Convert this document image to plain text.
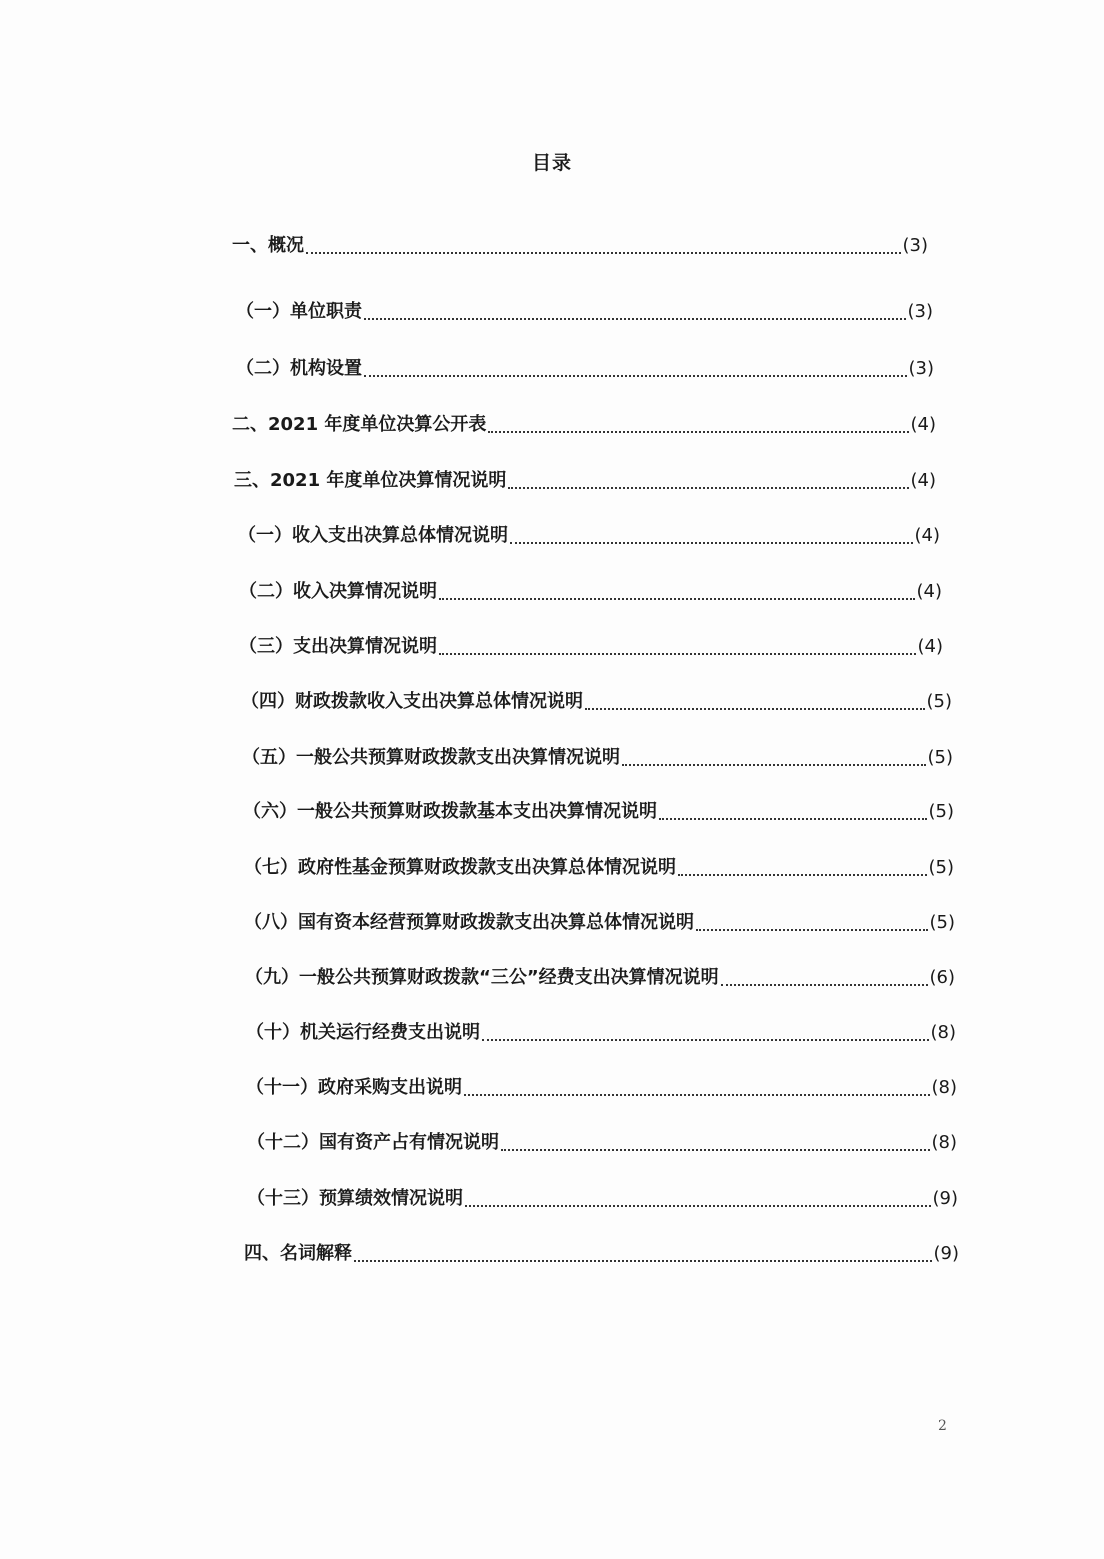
目录
一、概况	(3)
（一）单位职责	(3)
（二）机构设置	(3)
二、2021 年度单位决算公开表	(4)
三、2021 年度单位决算情况说明	(4)
（一）收入支出决算总体情况说明	(4)
（二）收入决算情况说明	(4)
（三）支出决算情况说明	(4)
（四）财政拨款收入支出决算总体情况说明	(5)
（五）一般公共预算财政拨款支出决算情况说明	(5)
（六）一般公共预算财政拨款基本支出决算情况说明	(5)
（七）政府性基金预算财政拨款支出决算总体情况说明	(5)
（八）国有资本经营预算财政拨款支出决算总体情况说明	(5)
（九）一般公共预算财政拨款“三公”经费支出决算情况说明	(6)
（十）机关运行经费支出说明	(8)
（十一）政府采购支出说明	(8)
（十二）国有资产占有情况说明	(8)
（十三）预算绩效情况说明	(9)
四、名词解释	(9)
2
